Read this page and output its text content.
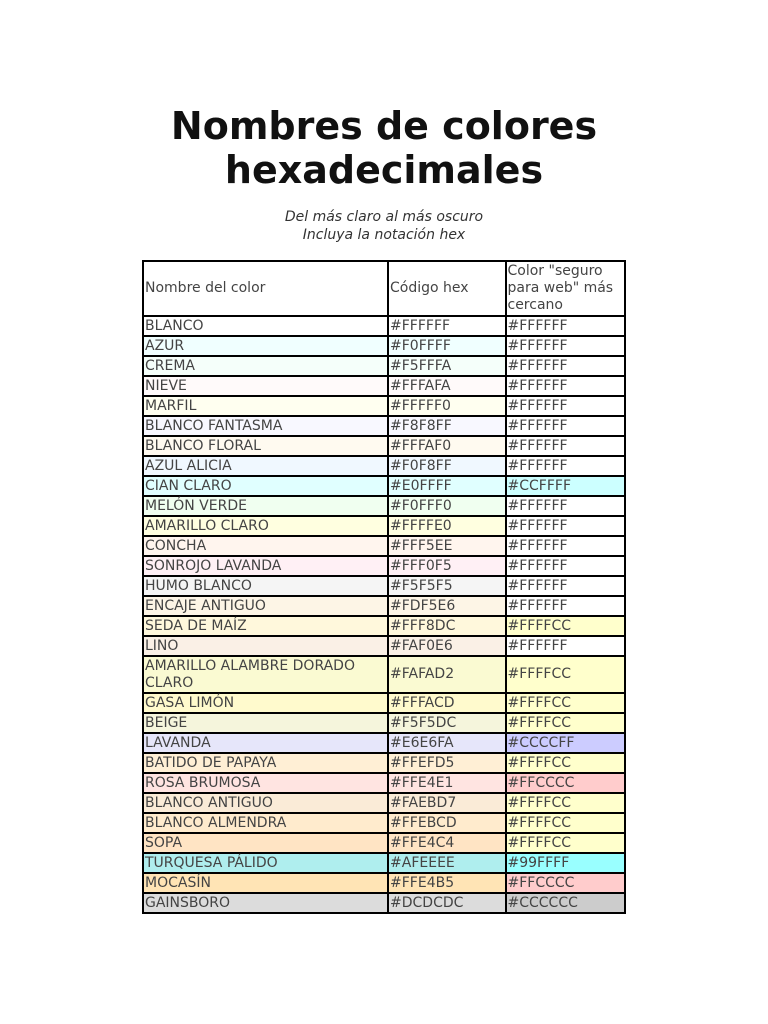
Nombres de colores
hexadecimales
Del más claro al más oscuro
Incluya la notación hex
Nombre del color	Código hex	Color "seguro para web" más cercano
BLANCO	#FFFFFF	#FFFFFF
AZUR	#F0FFFF	#FFFFFF
CREMA	#F5FFFA	#FFFFFF
NIEVE	#FFFAFA	#FFFFFF
MARFIL	#FFFFF0	#FFFFFF
BLANCO FANTASMA	#F8F8FF	#FFFFFF
BLANCO FLORAL	#FFFAF0	#FFFFFF
AZUL ALICIA	#F0F8FF	#FFFFFF
CIAN CLARO	#E0FFFF	#CCFFFF
MELÓN VERDE	#F0FFF0	#FFFFFF
AMARILLO CLARO	#FFFFE0	#FFFFFF
CONCHA	#FFF5EE	#FFFFFF
SONROJO LAVANDA	#FFF0F5	#FFFFFF
HUMO BLANCO	#F5F5F5	#FFFFFF
ENCAJE ANTIGUO	#FDF5E6	#FFFFFF
SEDA DE MAÍZ	#FFF8DC	#FFFFCC
LINO	#FAF0E6	#FFFFFF
AMARILLO ALAMBRE DORADO CLARO	#FAFAD2	#FFFFCC
GASA LIMÓN	#FFFACD	#FFFFCC
BEIGE	#F5F5DC	#FFFFCC
LAVANDA	#E6E6FA	#CCCCFF
BATIDO DE PAPAYA	#FFEFD5	#FFFFCC
ROSA BRUMOSA	#FFE4E1	#FFCCCC
BLANCO ANTIGUO	#FAEBD7	#FFFFCC
BLANCO ALMENDRA	#FFEBCD	#FFFFCC
SOPA	#FFE4C4	#FFFFCC
TURQUESA PÁLIDO	#AFEEEE	#99FFFF
MOCASÍN	#FFE4B5	#FFCCCC
GAINSBORO	#DCDCDC	#CCCCCC
